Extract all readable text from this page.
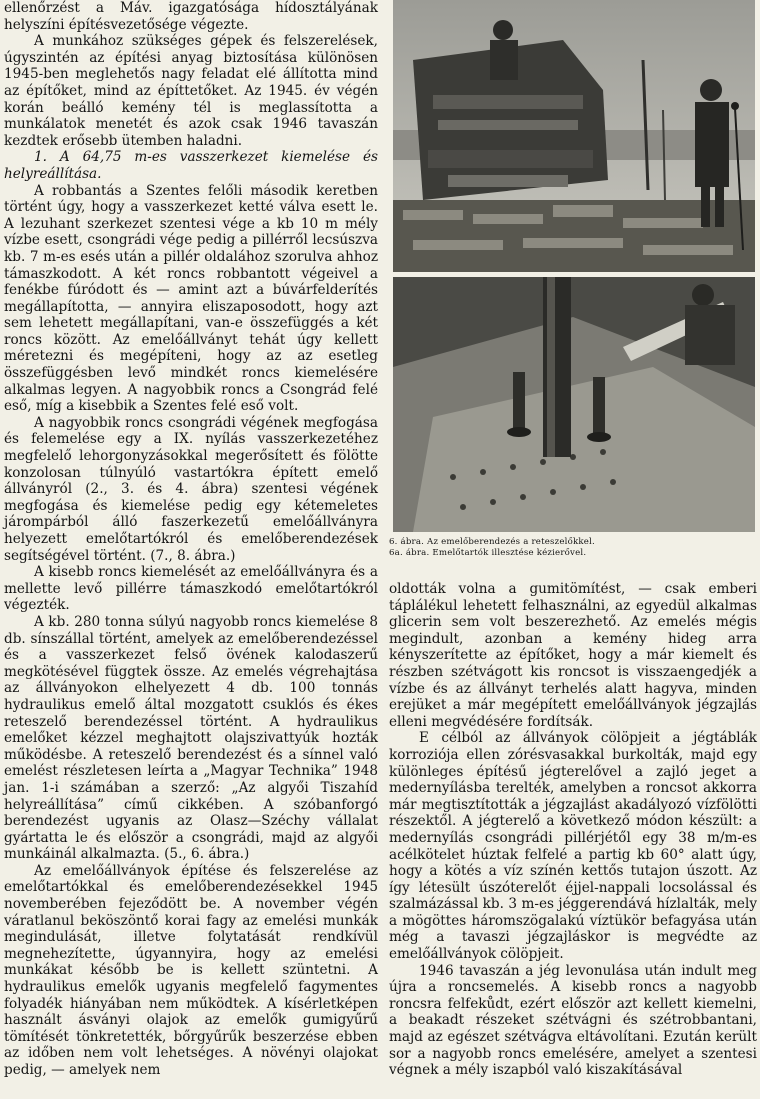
ellenőrzést a Máv. igazgatósága hídosztályának helyszíni építésvezetősége végezte.

A munkához szükséges gépek és felszerelések, úgyszintén az építési anyag biztosítása különösen 1945-ben meglehetős nagy feladat elé állította mind az építőket, mind az építtetőket. Az 1945. év végén korán beálló kemény tél is meglassította a munkálatok menetét és azok csak 1946 tavaszán kezdtek erősebb ütemben haladni.

1. A 64,75 m-es vasszerkezet kiemelése és helyreállítása.

A robbantás a Szentes felőli második keretben történt úgy, hogy a vasszerkezet ketté válva esett le. A lezuhant szerkezet szentesi vége a kb 10 m mély vízbe esett, csongrádi vége pedig a pillérről lecsúszva kb. 7 m-es esés után a pillér oldalához szorulva ahhoz támaszkodott. A két roncs robbantott végeivel a fenékbe fúródott és — amint azt a búvárfelderítés megállapította, — annyira eliszaposodott, hogy azt sem lehetett megállapítani, van-e összefüggés a két roncs között. Az emelőállványt tehát úgy kellett méretezni és megépíteni, hogy az az esetleg összefüggésben levő mindkét roncs kiemelésére alkalmas legyen. A nagyobbik roncs a Csongrád felé eső, míg a kisebbik a Szentes felé eső volt.

A nagyobbik roncs csongrádi végének megfogása és felemelése egy a IX. nyílás vasszerkezetéhez megfelelő lehorgonyzásokkal megerősített és fölötte konzolosan túlnyúló vastartókra épített emelő állványról (2., 3. és 4. ábra) szentesi végének megfogása és kiemelése pedig egy kétemeletes járompárból álló faszerkezetű emelőállványra helyezett emelőtartókról és emelőberendezések segítségével történt. (7., 8. ábra.)

A kisebb roncs kiemelését az emelőállványra és a mellette levő pillérre támaszkodó emelőtartókról végezték.

A kb. 280 tonna súlyú nagyobb roncs kiemelése 8 db. sínszállal történt, amelyek az emelőberendezéssel és a vasszerkezet felső övének kalodaszerű megkötésével függtek össze. Az emelés végrehajtása az állványokon elhelyezett 4 db. 100 tonnás hydraulikus emelő által mozgatott csuklós és ékes reteszelő berendezéssel történt. A hydraulikus emelőket kézzel meghajtott olajszivattyúk hozták működésbe. A reteszelő berendezést és a sínnel való emelést részletesen leírta a „Magyar Technika” 1948 jan. 1-i számában a szerző: „Az algyői Tiszahíd helyreállítása” című cikkében. A szóbanforgó berendezést ugyanis az Olasz—Széchy vállalat gyártatta le és először a csongrádi, majd az algyői munkáinál alkalmazta. (5., 6. ábra.)

Az emelőállványok építése és felszerelése az emelőtartókkal és emelőberendezésekkel 1945 novemberében fejeződött be. A november végén váratlanul beköszöntő korai fagy az emelési munkák megindulását, illetve folytatását rendkívül megnehezítette, úgyannyira, hogy az emelési munkákat később be is kellett szüntetni. A hydraulikus emelők ugyanis megfelelő fagymentes folyadék hiányában nem működtek. A kísérletképen használt ásványi olajok az emelők gumigyűrű tömítését tönkretették, bőrgyűrűk beszerzése ebben az időben nem volt lehetséges. A növényi olajokat pedig, — amelyek nem

6. ábra. Az emelőberendezés a reteszelőkkel.
6a. ábra. Emelőtartók illesztése kézierővel.

oldották volna a gumitömítést, — csak emberi táplálékul lehetett felhasználni, az egyedül alkalmas glicerin sem volt beszerezhető. Az emelés mégis megindult, azonban a kemény hideg arra kényszerítette az építőket, hogy a már kiemelt és részben szétvágott kis roncsot is visszaengedjék a vízbe és az állványt terhelés alatt hagyva, minden erejüket a már megépített emelőállványok jégzajlás elleni megvédésére fordítsák.

E célból az állványok cölöpjeit a jégtáblák korroziója ellen zórésvasakkal burkolták, majd egy különleges építésű jégterelővel a zajló jeget a medernyílásba terelték, amelyben a roncsot akkorra már megtisztították a jégzajlást akadályozó vízfölötti részektől. A jégterelő a következő módon készült: a medernyílás csongrádi pillérjétől egy 38 m/m-es acélkötelet húztak felfelé a partig kb 60° alatt úgy, hogy a kötés a víz színén kettős tutajon úszott. Az így létesült úszóterelőt éjjel-nappali locsolással és szalmázással kb. 3 m-es jéggerendává hízlalták, mely a mögöttes háromszögalakú víztükör befagyása után még a tavaszi jégzajláskor is megvédte az emelőállványok cölöpjeit.

1946 tavaszán a jég levonulása után indult meg újra a roncsemelés. A kisebb roncs a nagyobb roncsra felfekůdt, ezért először azt kellett kiemelni, a beakadt részeket szétvágni és szétrobbantani, majd az egészet szétvágva eltávolítani. Ezután került sor a nagyobb roncs emelésére, amelyet a szentesi végnek a mély iszapból való kiszakításával
